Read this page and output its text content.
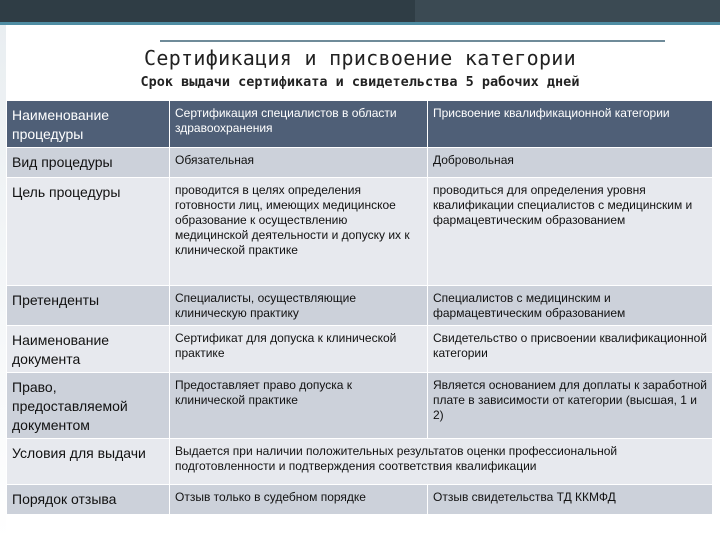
Сертификация и присвоение категории
Срок выдачи сертификата и свидетельства 5 рабочих дней
Наименование процедуры	Сертификация специалистов в области здравоохранения	Присвоение квалификационной категории
Вид процедуры	Обязательная	Добровольная
Цель процедуры	проводится в целях определения готовности лиц, имеющих медицинское образование к осуществлению медицинской деятельности и допуску их к клинической практике	проводиться для определения уровня квалификации специалистов с медицинским и фармацевтическим образованием
Претенденты	Специалисты, осуществляющие клиническую практику	Специалистов с медицинским и фармацевтическим образованием
Наименование документа	Сертификат для допуска к клинической практике	Свидетельство о присвоении квалификационной категории
Право, предоставляемой документом	Предоставляет право допуска к клинической практике	Является основанием для доплаты к заработной плате в зависимости от категории (высшая, 1 и 2)
Условия для выдачи	Выдается при наличии положительных результатов оценки профессиональной подготовленности и подтверждения соответствия квалификации	
Порядок отзыва	Отзыв только в судебном порядке	Отзыв свидетельства ТД ККМФД
